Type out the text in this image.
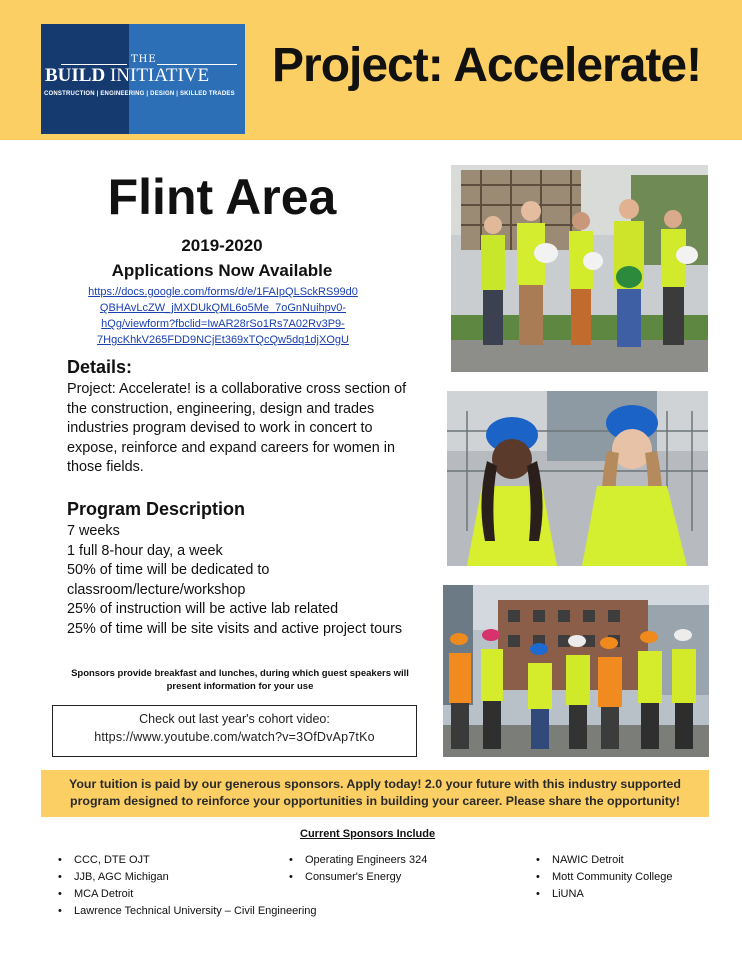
THE
BUILD INITIATIVE
CONSTRUCTION | ENGINEERING | DESIGN | SKILLED TRADES
Project: Accelerate!
Flint Area
2019-2020
Applications Now Available
https://docs.google.com/forms/d/e/1FAIpQLSckRS99d0
QBHAvLcZW_jMXDUkQML6o5Me_7oGnNuihpv0-
hQg/viewform?fbclid=IwAR28rSo1Rs7A02Rv3P9-
7HgcKhkV265FDD9NCjEt369xTQcQw5dq1djXOgU
Details:
Project: Accelerate! is a collaborative cross section of the construction, engineering, design and trades industries program devised to work in concert to expose, reinforce and expand careers for women in those fields.
Program Description
7 weeks
1 full 8-hour day, a week
50% of time will be dedicated to classroom/lecture/workshop
25% of instruction will be active lab related
25% of time will be site visits and active project tours
Sponsors provide breakfast and lunches, during which guest speakers will present information for your use
Check out last year's cohort video:
https://www.youtube.com/watch?v=3OfDvAp7tKo
Your tuition is paid by our generous sponsors. Apply today! 2.0 your future with this industry supported program designed to reinforce your opportunities in building your career. Please share the opportunity!
Current Sponsors Include
• CCC, DTE OJT
• JJB, AGC Michigan
• MCA Detroit
• Lawrence Technical University – Civil Engineering
• Operating Engineers 324
• Consumer's Energy
• NAWIC Detroit
• Mott Community College
• LiUNA
